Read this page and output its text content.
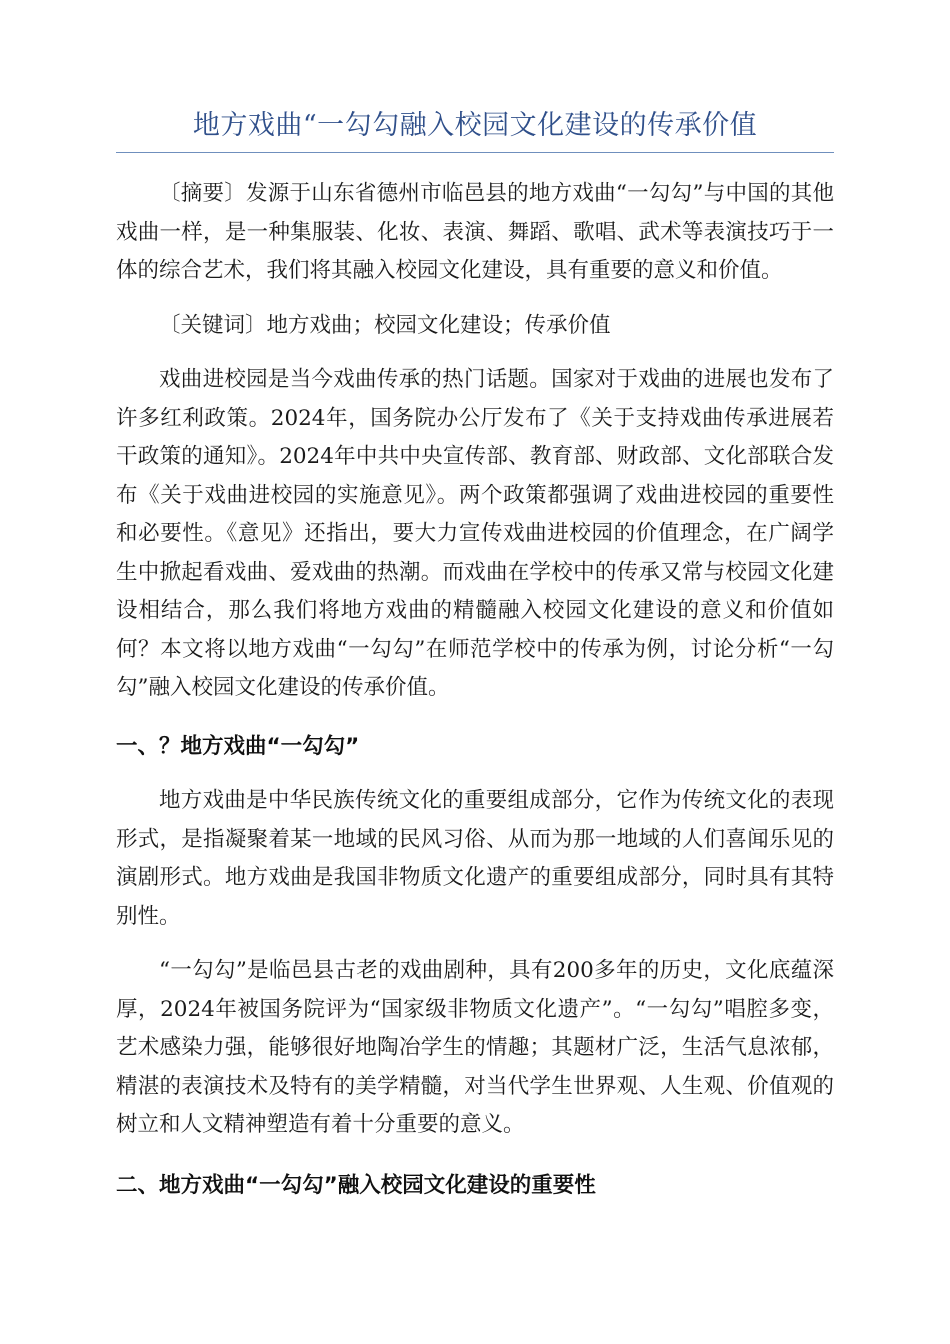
地方戏曲“一勾勾融入校园文化建设的传承价值

〔摘要〕发源于山东省德州市临邑县的地方戏曲“一勾勾”与中国的其他戏曲一样，是一种集服装、化妆、表演、舞蹈、歌唱、武术等表演技巧于一体的综合艺术，我们将其融入校园文化建设，具有重要的意义和价值。

〔关键词〕地方戏曲；校园文化建设；传承价值

戏曲进校园是当今戏曲传承的热门话题。国家对于戏曲的进展也发布了许多红利政策。2024年，国务院办公厅发布了《关于支持戏曲传承进展若干政策的通知》。2024年中共中央宣传部、教育部、财政部、文化部联合发布《关于戏曲进校园的实施意见》。两个政策都强调了戏曲进校园的重要性和必要性。《意见》还指出，要大力宣传戏曲进校园的价值理念，在广阔学生中掀起看戏曲、爱戏曲的热潮。而戏曲在学校中的传承又常与校园文化建设相结合，那么我们将地方戏曲的精髓融入校园文化建设的意义和价值如何？本文将以地方戏曲“一勾勾”在师范学校中的传承为例，讨论分析“一勾勾”融入校园文化建设的传承价值。

一、？地方戏曲“一勾勾”

地方戏曲是中华民族传统文化的重要组成部分，它作为传统文化的表现形式，是指凝聚着某一地域的民风习俗、从而为那一地域的人们喜闻乐见的演剧形式。地方戏曲是我国非物质文化遗产的重要组成部分，同时具有其特别性。

“一勾勾”是临邑县古老的戏曲剧种，具有200多年的历史，文化底蕴深厚，2024年被国务院评为“国家级非物质文化遗产”。“一勾勾”唱腔多变，艺术感染力强，能够很好地陶冶学生的情趣；其题材广泛，生活气息浓郁，精湛的表演技术及特有的美学精髓，对当代学生世界观、人生观、价值观的树立和人文精神塑造有着十分重要的意义。

二、地方戏曲“一勾勾”融入校园文化建设的重要性
